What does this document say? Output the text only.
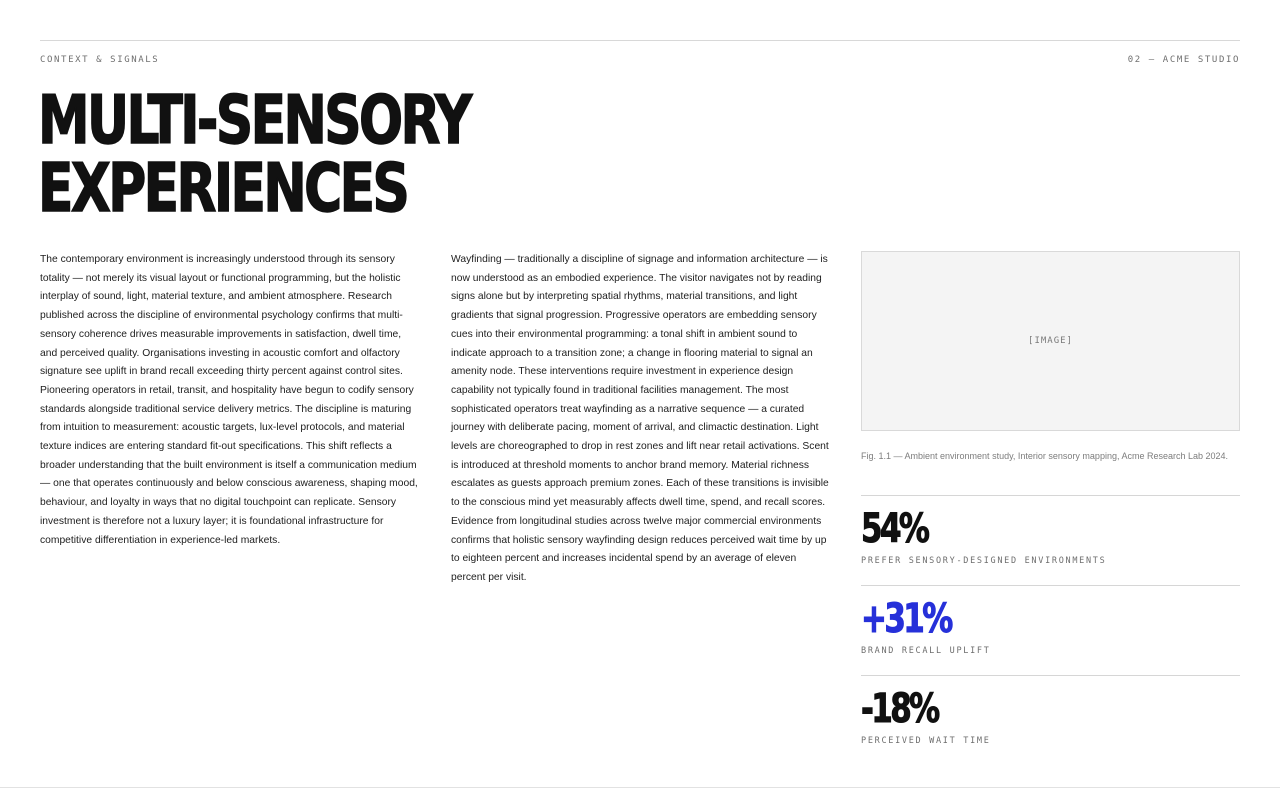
CONTEXT & SIGNALS	02 — ACME STUDIO
MULTI-SENSORY
EXPERIENCES

The contemporary environment is increasingly understood through its sensory totality — not merely its visual layout or functional programming, but the holistic interplay of sound, light, material texture, and ambient atmosphere. Research published across the discipline of environmental psychology confirms that multi-sensory coherence drives measurable improvements in satisfaction, dwell time, and perceived quality. Organisations investing in acoustic comfort and olfactory signature see uplift in brand recall exceeding thirty percent against control sites. Pioneering operators in retail, transit, and hospitality have begun to codify sensory standards alongside traditional service delivery metrics. The discipline is maturing from intuition to measurement: acoustic targets, lux-level protocols, and material texture indices are entering standard fit-out specifications. This shift reflects a broader understanding that the built environment is itself a communication medium — one that operates continuously and below conscious awareness, shaping mood, behaviour, and loyalty in ways that no digital touchpoint can replicate. Sensory investment is therefore not a luxury layer; it is foundational infrastructure for competitive differentiation in experience-led markets.

Wayfinding — traditionally a discipline of signage and information architecture — is now understood as an embodied experience. The visitor navigates not by reading signs alone but by interpreting spatial rhythms, material transitions, and light gradients that signal progression. Progressive operators are embedding sensory cues into their environmental programming: a tonal shift in ambient sound to indicate approach to a transition zone; a change in flooring material to signal an amenity node. These interventions require investment in experience design capability not typically found in traditional facilities management. The most sophisticated operators treat wayfinding as a narrative sequence — a curated journey with deliberate pacing, moment of arrival, and climactic destination. Light levels are choreographed to drop in rest zones and lift near retail activations. Scent is introduced at threshold moments to anchor brand memory. Material richness escalates as guests approach premium zones. Each of these transitions is invisible to the conscious mind yet measurably affects dwell time, spend, and recall scores. Evidence from longitudinal studies across twelve major commercial environments confirms that holistic sensory wayfinding design reduces perceived wait time by up to eighteen percent and increases incidental spend by an average of eleven percent per visit.

[IMAGE]
Fig. 1.1 — Ambient environment study, Interior sensory mapping, Acme Research Lab 2024.
54%
PREFER SENSORY-DESIGNED ENVIRONMENTS
+31%
BRAND RECALL UPLIFT
-18%
PERCEIVED WAIT TIME
